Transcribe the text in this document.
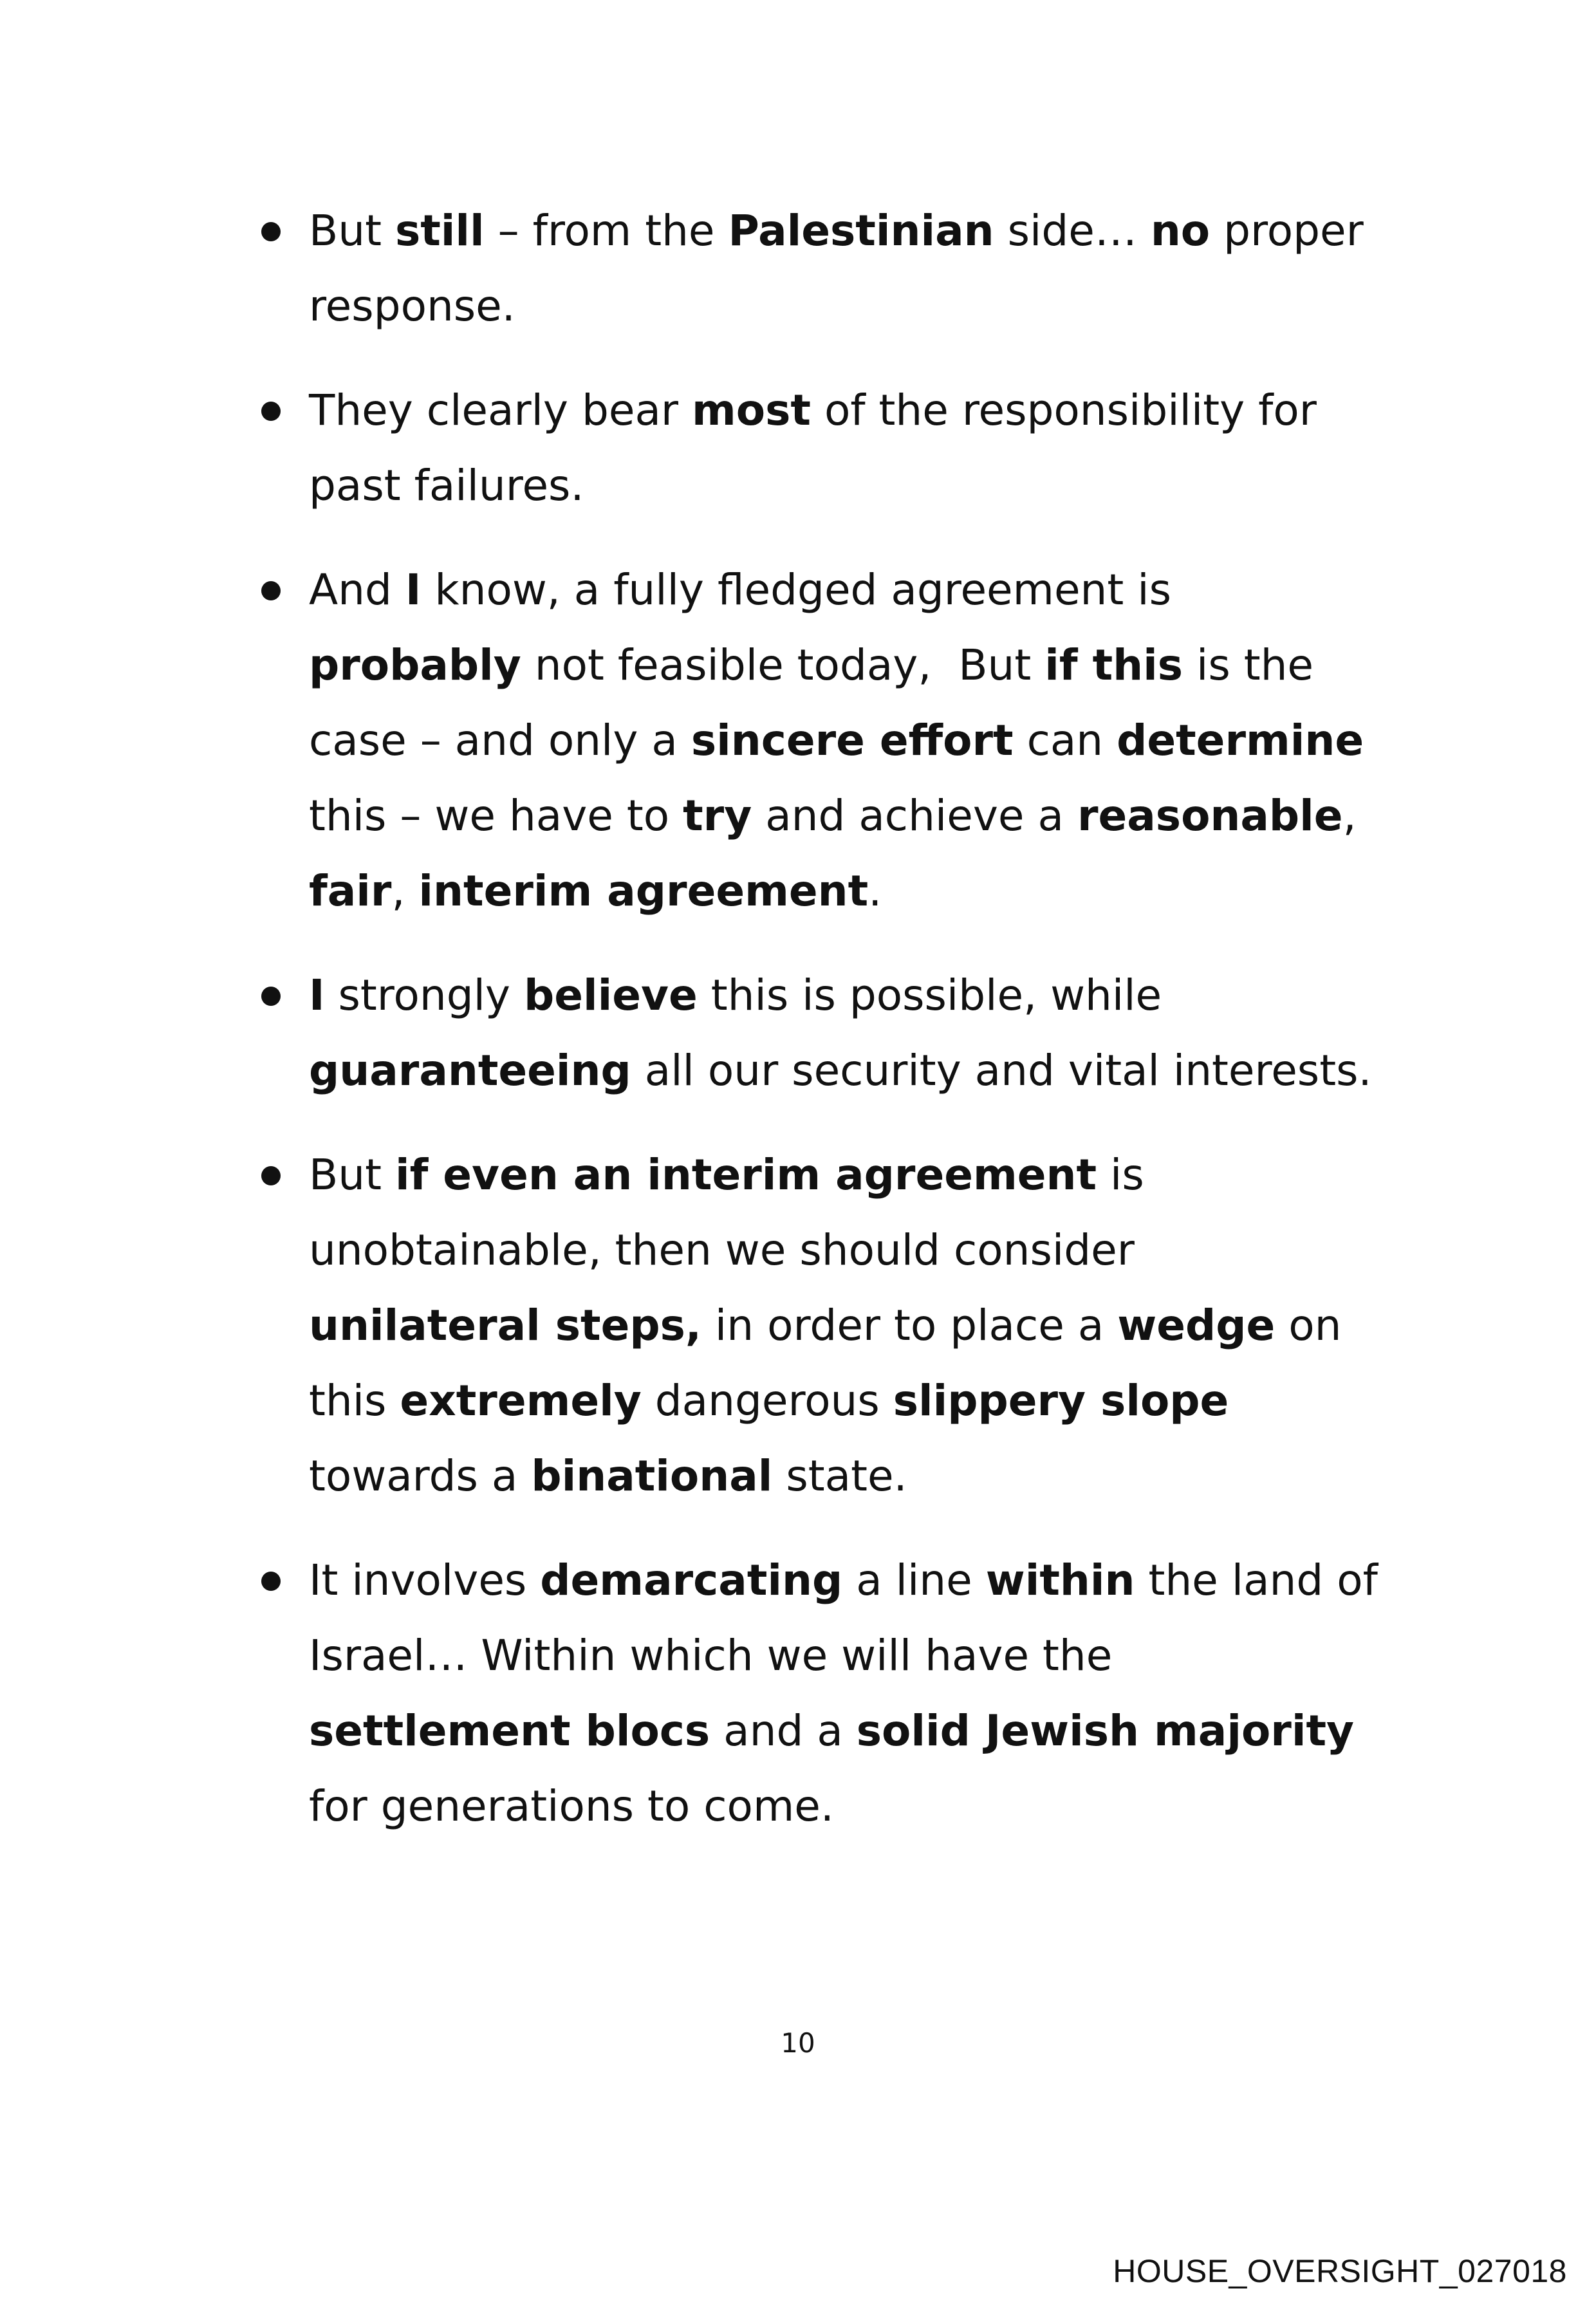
But still – from the Palestinian side… no proper
response.
They clearly bear most of the responsibility for
past failures.
And I know, a fully fledged agreement is
probably not feasible today,  But if this is the
case – and only a sincere effort can determine
this – we have to try and achieve a reasonable,
fair, interim agreement.
I strongly believe this is possible, while
guaranteeing all our security and vital interests.
But if even an interim agreement is
unobtainable, then we should consider
unilateral steps, in order to place a wedge on
this extremely dangerous slippery slope
towards a binational state.
It involves demarcating a line within the land of
Israel… Within which we will have the
settlement blocs and a solid Jewish majority
for generations to come.
10
HOUSE_OVERSIGHT_027018
